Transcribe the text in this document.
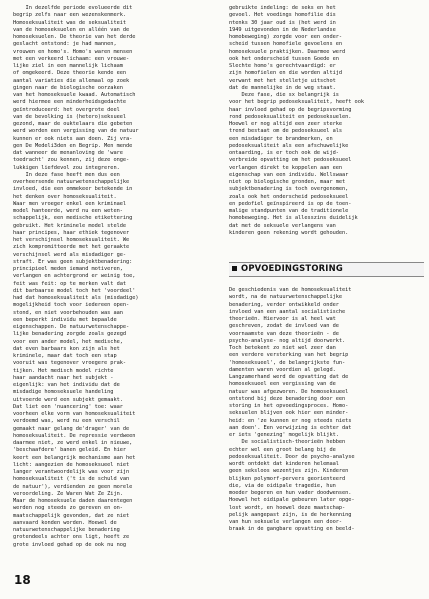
In dezelfde periode evolueerde dit
begrip zelfs naar een wezenskenmerk.
Homoseksualiteit was de seksualiteit
van de homoseksuelen en alléén van de
homoseksuelen. De theorie van het derde
geslacht ontstond: je had mannen,
vrouwen en homo's. Homo's waren mensen
met een verkeerd lichaam: een vrouwe-
lijke ziel in een mannelijk lichaam
of omgekeerd. Deze theorie kende een
aantal variaties die allemaal op zoek
gingen naar de biologische oorzaken
van het homoseksuele kwaad. Automatisch
werd hiermee een minderheidsgedachte
geïntroduceerd: het overgrote deel
van de bevolking is (hetero)seksueel
gezond, maar de ouktelaars die gebeten
werd worden een vergissing van de natuur
kunnen er ook niets aan doen. Zij vra-
gen De Medeli3den en Begrip. Men mende
dat wanneer de menanloving de 'ware
toedracht' zou kennen, zij deze onge-
lukkigen liefdevol zou integreren.
In deze fase heeft men dus een
overheersende natuurwetenschappelijke
invloed, die een ommekeer betekende in
het denken over homoseksualiteit.
Waar men vroeger enkel een kriminael
model hanteerde, werd nu een weten-
schappelijk, een medische etikettering
gebruikt. Het kriminele model stelde
haar principes, haar ethiek tegenover
het verschijnsel homoseksualiteit. We
zich kompromitteerde met het geraakte
verschijnsel werd als misdadiger ge-
straft. Er was geen subjektbenadering:
principieel meden iemand motiveren,
verlangen en achtergrond er weinig toe,
feit was feit: op te merken valt dat
dit barbaarse model toch het 'voordeel'
had dat homoseksualiteit als (misdadige)
mogelijkheid toch voor iedereen open-
stond, en niet voorbehouden was aan
een beperkt individu met bepaalde
eigenschappen. De natuurwetenschappe-
lijke benadering zorgde zoals gezegd
voor een ander model, het medische,
dat even barbaars kon zijn als het
kriminele, maar dat toch een stap
vooruit was tegenover vroegere prak-
tijken. Het medisch model richte
haar aandacht naar het subjekt -
eigenlijk: van het individu dat de
misdadige homoseksuele handeling
uitvoerde werd een subjekt gemaakt.
Dat liet een 'nuancering' toe: waar
voorheen elke vorm van homoseksualiteit
verdoemd was, werd nu een verschil
gemaakt naar gelang de'drager' van de
homoseksualiteit. De repressie verdween
daarmee niet, ze werd enkel in nieuwe,
'beschaafdere' banen geleid. En hier
keert een belangrijk mechanisme aan het
licht: aangezien de homoseksueel niet
langer verantwoordelijk was voor zijn
homoseksualiteit ('t is de schuld van
de natuur'), verdienden ze geen morele
veroordeling. Ze Waren Wat Ze Zijn.
Maar de homoseksuele daden daarentegen
werden nog steeds zo gereven en on-
maatschappelijk gevonden, dat ze niet
aanvaard konden worden. Hoewel de
natuurwetenschappelijke benadering
grotendeels achter ons ligt, heeft ze
grote invloed gehad op de ook nu nog
gebruikte indeling: de seks en het
gevoel. Het voedings homofilie dis
ntenks 30 jaar oud is (het werd in
1949 uitgevonden in de Nederlandse
homobeweging) zorgde voor een onder-
scheid tussen homofiele gevoelens en
homoseksuele praktijken. Daarmee werd
ook het onderscheid tussen Goede en
Slechte homo's gerechtvaardigd: er
zijn homofielen en die worden altijd
verwant met het stelletje uitschot
dat de mannelijke in de weg staat.
Deze fase, die sx belangrijk is
voor het begrip pedoseksualiteit, heeft ook
haar invloed gehad op de begripsvorming
rond pedoseksualiteit en pedoseksuelen.
Hoewel er nog altijd een zeer sterke
trend bestaat om de pedoseksueel als
een misdadiger te brandmerken, en
pedoseksualiteit als een afschuwelijke
ontaarding, is er toch ook de wijd-
verbreide opvatting om het pedoseksueel
verlangen direkt te koppelen aan een
eigenschap van een individu. Wellswaar
niet op biologische gronden, maar met
subjektbenadering is toch overgenomen,
zoals ook het onderscheid pedoseksueel
en pedofiel geïnspireerd is op de toen-
malige standpunten van de traditionele
homobeweging. Het is allesszins duidelijk
dat met de seksuele verlangens van
kinderen geen rekening wordt gehouden.
OPVOEDINGSTORING
De geschiedenis van de homoseksualiteit
wordt, na de natuurwetenschappelijke
benadering, verder ontwikkeld onder
invloed van een aantal socialistische
theorieën. Hiervoor is al heel wat
geschreven, zodat de invloed van de
voornaamste van deze theorieën - de
psycho-analyse- nog altijd doorwerkt.
Toch betekent zo niet wel zeer dan
een verdere versterking van het begrip
'homoseksueel', de belangrijkste fun-
damenten waren voordien al gelegd.
Langzamerhand werd de opvatting dat de
homoseksueel een vergissing van de
natuur was afgezworen. De homoseksueel
ontstond bij deze benadering door een
storing in het opvoedingsproces. Homo-
seksuelen blijven ook hier een minder-
heid: en 'ze kunnen er nog steeds niets
aan doen'. Een verwijzing is echter dat
er iets 'genezing' mogelijk blijkt.
De socialistisch-theorieën hebben
echter wel een groot belang bij de
pedoseksualiteit. Door de psycho-analyse
wordt ontdekt dat kinderen helemaal
geen seksloos wezentjes zijn. Kinderen
blijken polymorf-pervers georienteerd
die, via de oidipale tragedie, hun
moeder begeren en hun vader doodwensen.
Hoewel het oidipale gebeuren later opge-
lost wordt, en hoewel deze maatschap-
pelijk aangepast zijn, is de herkenning
van hun seksuele verlangen een door-
braak in de gangbare opvatting en beeld-
18
